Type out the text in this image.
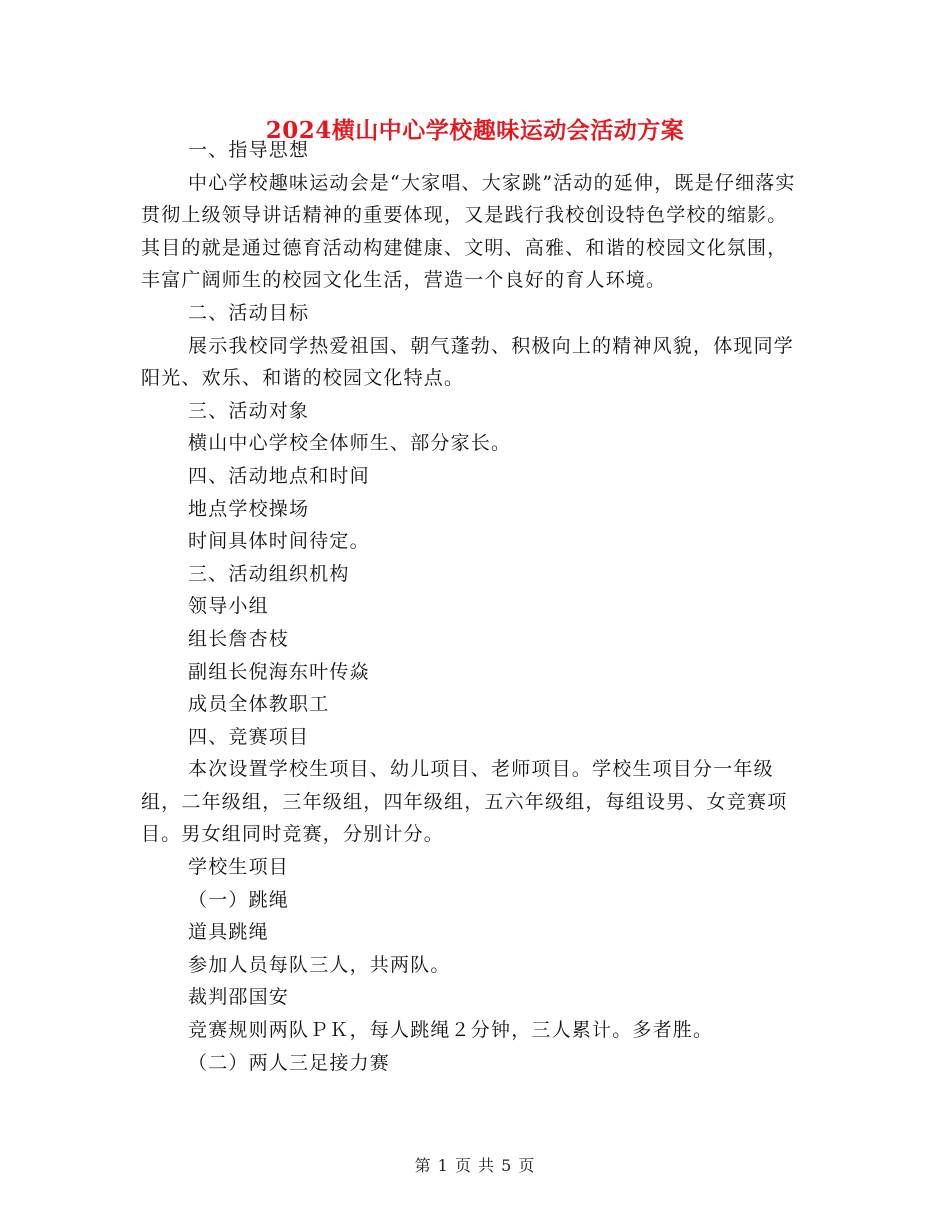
2024横山中心学校趣味运动会活动方案

一、指导思想

中心学校趣味运动会是“大家唱、大家跳”活动的延伸，既是仔细落实贯彻上级领导讲话精神的重要体现，又是践行我校创设特色学校的缩影。其目的就是通过德育活动构建健康、文明、高雅、和谐的校园文化氛围，丰富广阔师生的校园文化生活，营造一个良好的育人环境。

二、活动目标

展示我校同学热爱祖国、朝气蓬勃、积极向上的精神风貌，体现同学阳光、欢乐、和谐的校园文化特点。

三、活动对象

横山中心学校全体师生、部分家长。

四、活动地点和时间

地点学校操场

时间具体时间待定。

三、活动组织机构

领导小组

组长詹杏枝

副组长倪海东叶传焱

成员全体教职工

四、竞赛项目

本次设置学校生项目、幼儿项目、老师项目。学校生项目分一年级组，二年级组，三年级组，四年级组，五六年级组，每组设男、女竞赛项目。男女组同时竞赛，分别计分。

学校生项目

（一）跳绳

道具跳绳

参加人员每队三人，共两队。

裁判邵国安

竞赛规则两队ＰＫ，每人跳绳２分钟，三人累计。多者胜。

（二）两人三足接力赛

第 1 页 共 5 页
